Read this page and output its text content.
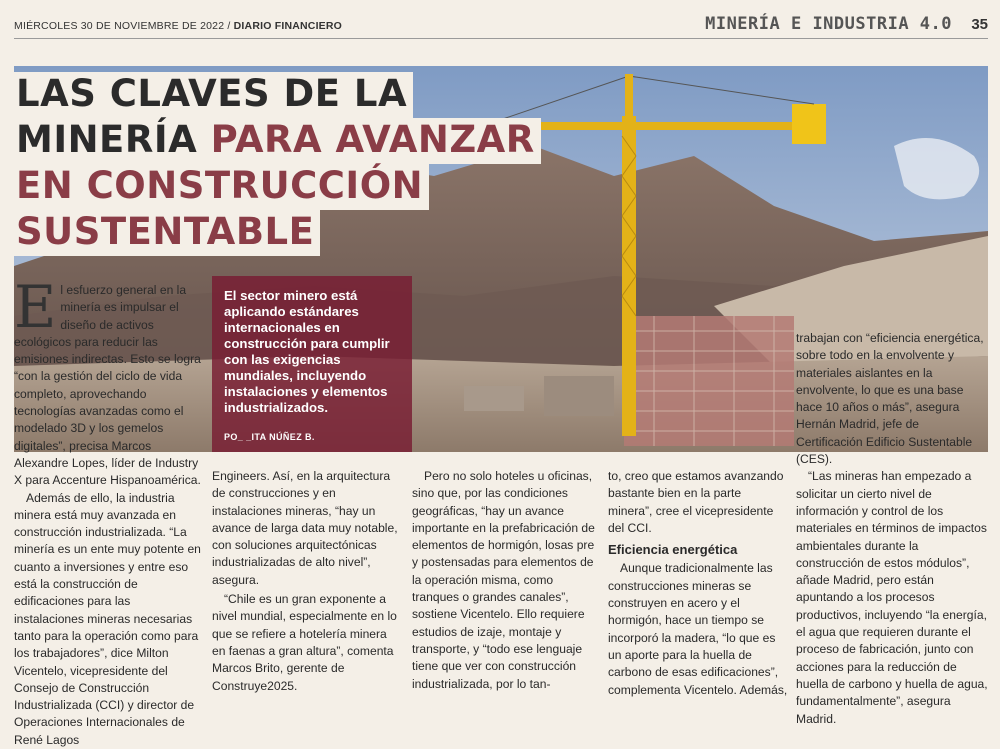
MIÉRCOLES 30 DE NOVIEMBRE DE 2022 / DIARIO FINANCIERO	MINERÍA E INDUSTRIA 4.0 35
LAS CLAVES DE LA
MINERÍA PARA AVANZAR
EN CONSTRUCCIÓN
SUSTENTABLE
El sector minero está aplicando estándares internacionales en construcción para cumplir con las exigencias mundiales, incluyendo instalaciones y elementos industrializados.
PO_ _ITA NÚÑEZ B.

El esfuerzo general en la minería es impulsar el diseño de activos ecológicos para reducir las emisiones indirectas. Esto se logra “con la gestión del ciclo de vida completo, aprovechando tecnologías avanzadas como el modelado 3D y los gemelos digitales”, precisa Marcos Alexandre Lopes, líder de Industry X para Accenture Hispanoamérica.

Además de ello, la industria minera está muy avanzada en construcción industrializada. “La minería es un ente muy potente en cuanto a inversiones y entre eso está la construcción de edificaciones para las instalaciones mineras necesarias tanto para la operación como para los trabajadores”, dice Milton Vicentelo, vicepresidente del Consejo de Construcción Industrializada (CCI) y director de Operaciones Internacionales de René Lagos

Engineers. Así, en la arquitectura de construcciones y en instalaciones mineras, “hay un avance de larga data muy notable, con soluciones arquitectónicas industrializadas de alto nivel”, asegura.

“Chile es un gran exponente a nivel mundial, especialmente en lo que se refiere a hotelería minera en faenas a gran altura”, comenta Marcos Brito, gerente de Construye2025.

Pero no solo hoteles u oficinas, sino que, por las condiciones geográficas, “hay un avance importante en la prefabricación de elementos de hormigón, losas pre y postensadas para elementos de la operación misma, como tranques o grandes canales”, sostiene Vicentelo. Ello requiere estudios de izaje, montaje y transporte, y “todo ese lenguaje tiene que ver con construcción industrializada, por lo tan-

to, creo que estamos avanzando bastante bien en la parte minera”, cree el vicepresidente del CCI.

Eficiencia energética

Aunque tradicionalmente las construcciones mineras se construyen en acero y el hormigón, hace un tiempo se incorporó la madera, “lo que es un aporte para la huella de carbono de esas edificaciones”, complementa Vicentelo. Además,

trabajan con “eficiencia energética, sobre todo en la envolvente y materiales aislantes en la envolvente, lo que es una base hace 10 años o más”, asegura Hernán Madrid, jefe de Certificación Edificio Sustentable (CES).

“Las mineras han empezado a solicitar un cierto nivel de información y control de los materiales en términos de impactos ambientales durante la construcción de estos módulos”, añade Madrid, pero están apuntando a los procesos productivos, incluyendo “la energía, el agua que requieren durante el proceso de fabricación, junto con acciones para la reducción de huella de carbono y huella de agua, fundamentalmente”, asegura Madrid.
